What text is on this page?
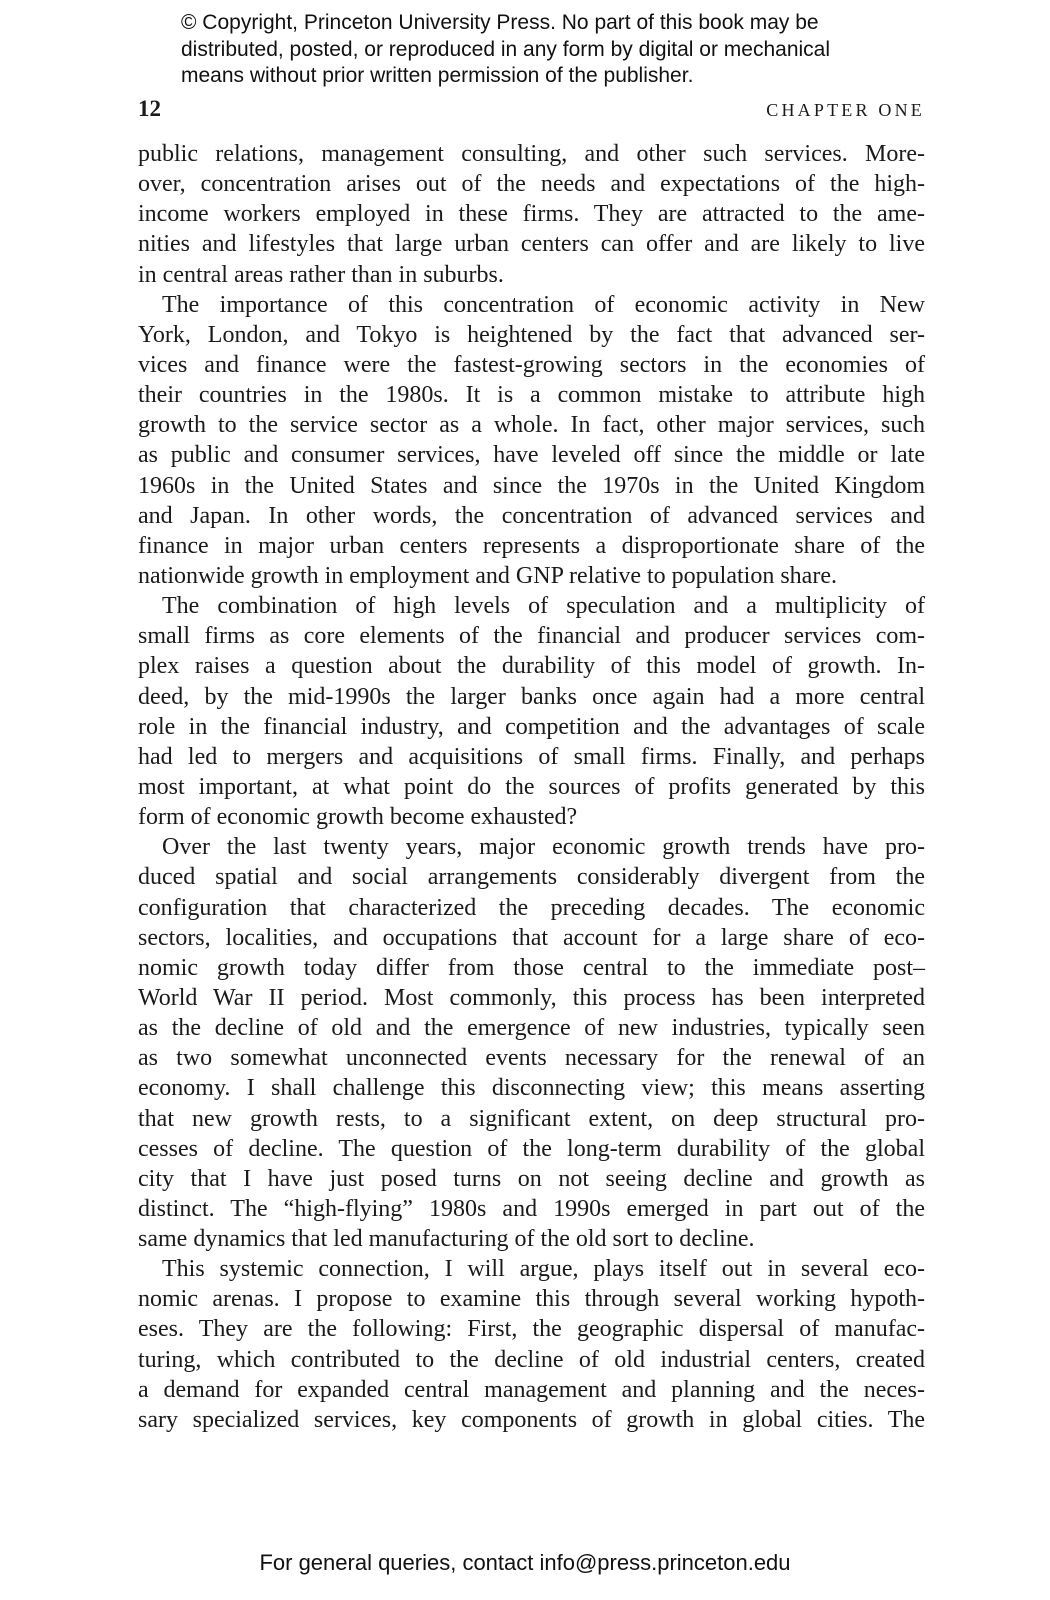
© Copyright, Princeton University Press. No part of this book may be
distributed, posted, or reproduced in any form by digital or mechanical
means without prior written permission of the publisher.
12	CHAPTER ONE
public relations, management consulting, and other such services. More-
over, concentration arises out of the needs and expectations of the high-
income workers employed in these firms. They are attracted to the ame-
nities and lifestyles that large urban centers can offer and are likely to live
in central areas rather than in suburbs.
The importance of this concentration of economic activity in New
York, London, and Tokyo is heightened by the fact that advanced ser-
vices and finance were the fastest-growing sectors in the economies of
their countries in the 1980s. It is a common mistake to attribute high
growth to the service sector as a whole. In fact, other major services, such
as public and consumer services, have leveled off since the middle or late
1960s in the United States and since the 1970s in the United Kingdom
and Japan. In other words, the concentration of advanced services and
finance in major urban centers represents a disproportionate share of the
nationwide growth in employment and GNP relative to population share.
The combination of high levels of speculation and a multiplicity of
small firms as core elements of the financial and producer services com-
plex raises a question about the durability of this model of growth. In-
deed, by the mid-1990s the larger banks once again had a more central
role in the financial industry, and competition and the advantages of scale
had led to mergers and acquisitions of small firms. Finally, and perhaps
most important, at what point do the sources of profits generated by this
form of economic growth become exhausted?
Over the last twenty years, major economic growth trends have pro-
duced spatial and social arrangements considerably divergent from the
configuration that characterized the preceding decades. The economic
sectors, localities, and occupations that account for a large share of eco-
nomic growth today differ from those central to the immediate post–
World War II period. Most commonly, this process has been interpreted
as the decline of old and the emergence of new industries, typically seen
as two somewhat unconnected events necessary for the renewal of an
economy. I shall challenge this disconnecting view; this means asserting
that new growth rests, to a significant extent, on deep structural pro-
cesses of decline. The question of the long-term durability of the global
city that I have just posed turns on not seeing decline and growth as
distinct. The “high-flying” 1980s and 1990s emerged in part out of the
same dynamics that led manufacturing of the old sort to decline.
This systemic connection, I will argue, plays itself out in several eco-
nomic arenas. I propose to examine this through several working hypoth-
eses. They are the following: First, the geographic dispersal of manufac-
turing, which contributed to the decline of old industrial centers, created
a demand for expanded central management and planning and the neces-
sary specialized services, key components of growth in global cities. The
For general queries, contact info@press.princeton.edu
